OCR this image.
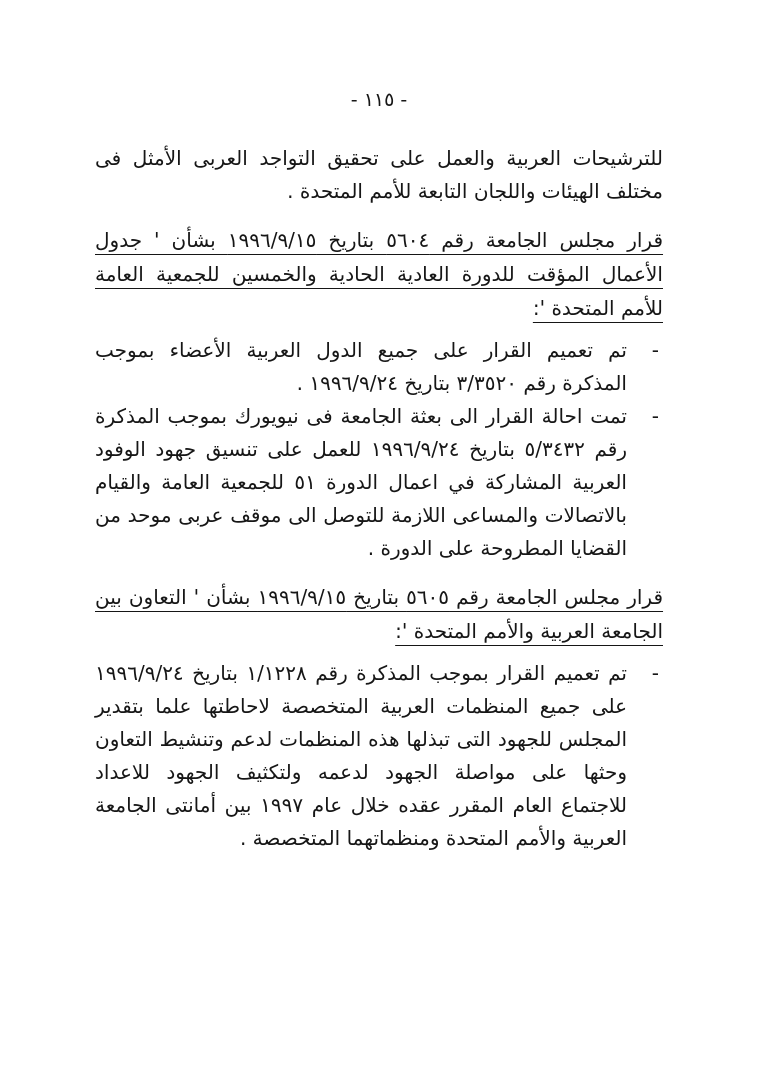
- ١١٥ -

للترشيحات العربية والعمل على تحقيق التواجد العربى الأمثل فى مختلف الهيئات واللجان التابعة للأمم المتحدة .

قرار مجلس الجامعة رقم ٥٦٠٤ بتاريخ ١٩٩٦/٩/١٥ بشأن ' جدول الأعمال المؤقت للدورة العادية الحادية والخمسين للجمعية العامة للأمم المتحدة ':
-

تم تعميم القرار على جميع الدول العربية الأعضاء بموجب المذكرة رقم ٣/٣٥٢٠ بتاريخ ١٩٩٦/٩/٢٤ .

-

تمت احالة القرار الى بعثة الجامعة فى نيويورك بموجب المذكرة رقم ٥/٣٤٣٢ بتاريخ ١٩٩٦/٩/٢٤ للعمل على تنسيق جهود الوفود العربية المشاركة في اعمال الدورة ٥١ للجمعية العامة والقيام بالاتصالات والمساعى اللازمة للتوصل الى موقف عربى موحد من القضايا المطروحة على الدورة .

قرار مجلس الجامعة رقم ٥٦٠٥ بتاريخ ١٩٩٦/٩/١٥ بشأن ' التعاون بين الجامعة العربية والأمم المتحدة ':
-

تم تعميم القرار بموجب المذكرة رقم ١/١٢٢٨ بتاريخ ١٩٩٦/٩/٢٤ على جميع المنظمات العربية المتخصصة لاحاطتها علما بتقدير المجلس للجهود التى تبذلها هذه المنظمات لدعم وتنشيط التعاون وحثها على مواصلة الجهود لدعمه ولتكثيف الجهود للاعداد للاجتماع العام المقرر عقده خلال عام ١٩٩٧ بين أمانتى الجامعة العربية والأمم المتحدة ومنظماتهما المتخصصة .
